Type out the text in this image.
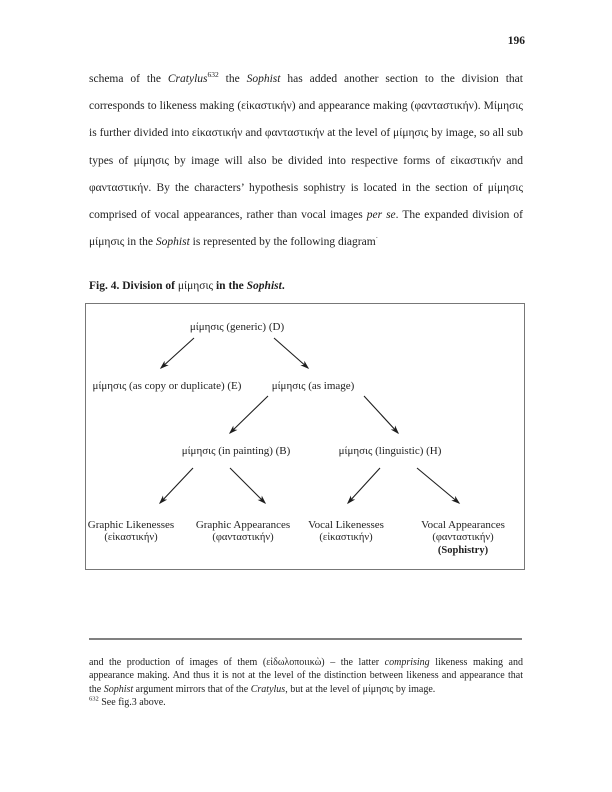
196
schema of the Cratylus$^{632}$ the Sophist has added another section to the division that corresponds to likeness making (εἰκαστικήν) and appearance making (φανταστικήν). Μίμησις is further divided into εἰκαστικήν and φανταστικήν at the level of μίμησις by image, so all sub types of μίμησις by image will also be divided into respective forms of εἰκαστικήν and φανταστικήν. By the characters’ hypothesis sophistry is located in the section of μίμησις comprised of vocal appearances, rather than vocal images per se. The expanded division of μίμησις in the Sophist is represented by the following diagram·
Fig. 4. Division of μίμησις in the Sophist.
μίμησις (generic) (D)
μίμησις (as copy or duplicate) (E)	μίμησις (as image)
μίμησις (in painting) (B)	μίμησις (linguistic) (H)
Graphic Likenesses
(εἰκαστικήν)
Graphic Appearances
(φανταστικήν)
Vocal Likenesses
(εἰκαστικήν)
Vocal Appearances
(φανταστικήν)
(Sophistry)
and the production of images of them (εἰδωλοποιικὼ) – the latter comprising likeness making and appearance making. And thus it is not at the level of the distinction between likeness and appearance that the Sophist argument mirrors that of the Cratylus, but at the level of μίμησις by image.
$^{632}$ See fig.3 above.
